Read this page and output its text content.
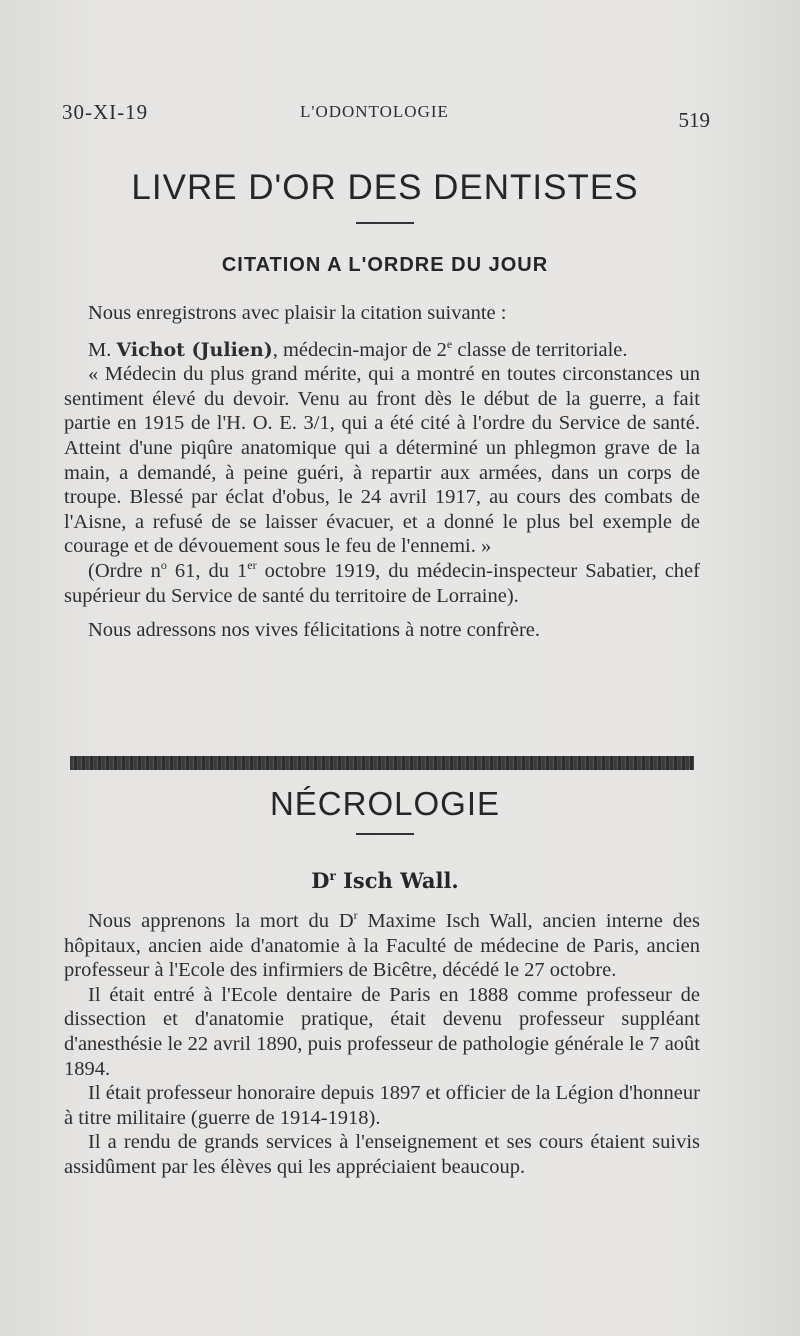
30-XI-19	L'ODONTOLOGIE	519
LIVRE D'OR DES DENTISTES
CITATION A L'ORDRE DU JOUR

Nous enregistrons avec plaisir la citation suivante :

M. Vichot (Julien), médecin-major de 2e classe de territoriale.

« Médecin du plus grand mérite, qui a montré en toutes circonstances un sentiment élevé du devoir. Venu au front dès le début de la guerre, a fait partie en 1915 de l'H. O. E. 3/1, qui a été cité à l'ordre du Service de santé. Atteint d'une piqûre anatomique qui a déterminé un phlegmon grave de la main, a demandé, à peine guéri, à repartir aux armées, dans un corps de troupe. Blessé par éclat d'obus, le 24 avril 1917, au cours des combats de l'Aisne, a refusé de se laisser évacuer, et a donné le plus bel exemple de courage et de dévouement sous le feu de l'ennemi. »

(Ordre $n^o$ 61, du 1er octobre 1919, du médecin-inspecteur Sabatier, chef supérieur du Service de santé du territoire de Lorraine).

Nous adressons nos vives félicitations à notre confrère.

NÉCROLOGIE
$D^r$ Isch Wall.

Nous apprenons la mort du $D^r$ Maxime Isch Wall, ancien interne des hôpitaux, ancien aide d'anatomie à la Faculté de médecine de Paris, ancien professeur à l'Ecole des infirmiers de Bicêtre, décédé le 27 octobre.

Il était entré à l'Ecole dentaire de Paris en 1888 comme professeur de dissection et d'anatomie pratique, était devenu professeur suppléant d'anesthésie le 22 avril 1890, puis professeur de pathologie générale le 7 août 1894.

Il était professeur honoraire depuis 1897 et officier de la Légion d'honneur à titre militaire (guerre de 1914-1918).

Il a rendu de grands services à l'enseignement et ses cours étaient suivis assidûment par les élèves qui les appréciaient beaucoup.
